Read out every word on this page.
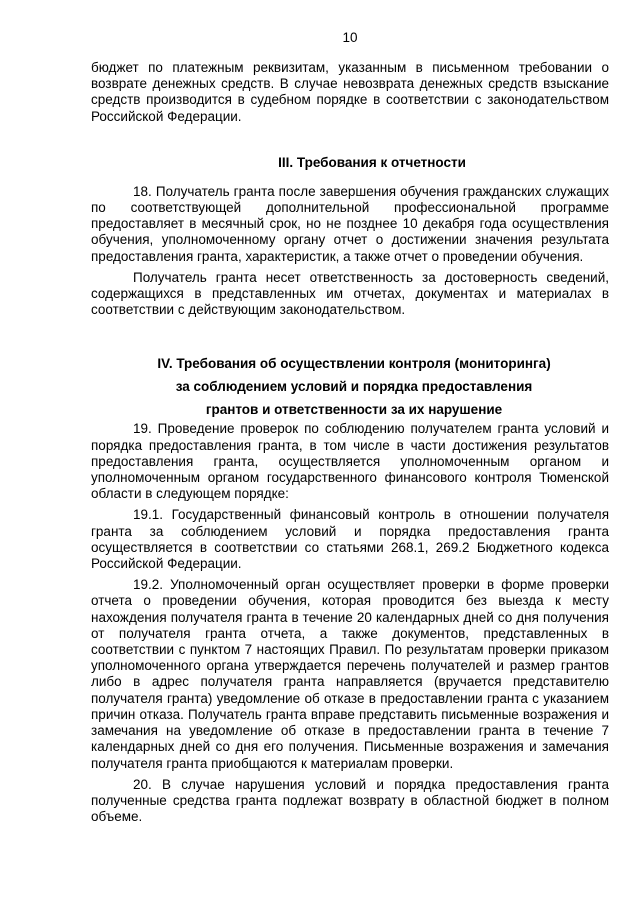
10

бюджет по платежным реквизитам, указанным в письменном требовании о возврате денежных средств. В случае невозврата денежных средств взыскание средств производится в судебном порядке в соответствии с законодательством Российской Федерации.

III. Требования к отчетности

18. Получатель гранта после завершения обучения гражданских служащих по соответствующей дополнительной профессиональной программе предоставляет в месячный срок, но не позднее 10 декабря года осуществления обучения, уполномоченному органу отчет о достижении значения результата предоставления гранта, характеристик, а также отчет о проведении обучения.

Получатель гранта несет ответственность за достоверность сведений, содержащихся в представленных им отчетах, документах и материалах в соответствии с действующим законодательством.

IV. Требования об осуществлении контроля (мониторинга)
за соблюдением условий и порядка предоставления
грантов и ответственности за их нарушение

19. Проведение проверок по соблюдению получателем гранта условий и порядка предоставления гранта, в том числе в части достижения результатов предоставления гранта, осуществляется уполномоченным органом и уполномоченным органом государственного финансового контроля Тюменской области в следующем порядке:

19.1. Государственный финансовый контроль в отношении получателя гранта за соблюдением условий и порядка предоставления гранта осуществляется в соответствии со статьями 268.1, 269.2 Бюджетного кодекса Российской Федерации.

19.2. Уполномоченный орган осуществляет проверки в форме проверки отчета о проведении обучения, которая проводится без выезда к месту нахождения получателя гранта в течение 20 календарных дней со дня получения от получателя гранта отчета, а также документов, представленных в соответствии с пунктом 7 настоящих Правил. По результатам проверки приказом уполномоченного органа утверждается перечень получателей и размер грантов либо в адрес получателя гранта направляется (вручается представителю получателя гранта) уведомление об отказе в предоставлении гранта с указанием причин отказа. Получатель гранта вправе представить письменные возражения и замечания на уведомление об отказе в предоставлении гранта в течение 7 календарных дней со дня его получения. Письменные возражения и замечания получателя гранта приобщаются к материалам проверки.

20. В случае нарушения условий и порядка предоставления гранта полученные средства гранта подлежат возврату в областной бюджет в полном объеме.
